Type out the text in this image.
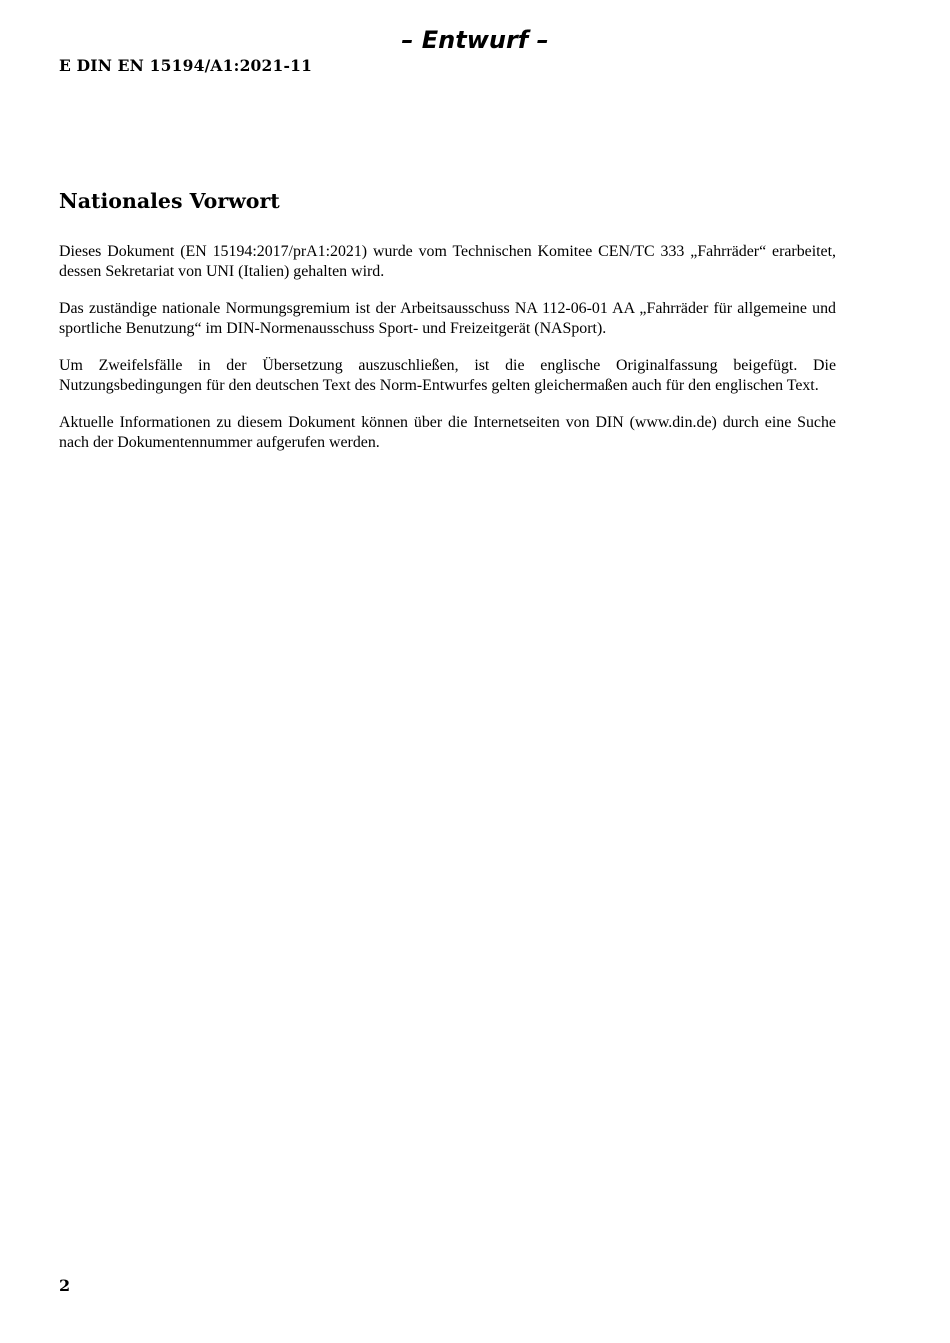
– Entwurf –
E DIN EN 15194/A1:2021-11
Nationales Vorwort

Dieses Dokument (EN 15194:2017/prA1:2021) wurde vom Technischen Komitee CEN/TC 333 „Fahrräder“ erarbeitet, dessen Sekretariat von UNI (Italien) gehalten wird.

Das zuständige nationale Normungsgremium ist der Arbeitsausschuss NA 112-06-01 AA „Fahrräder für allgemeine und sportliche Benutzung“ im DIN-Normenausschuss Sport- und Freizeitgerät (NASport).

Um Zweifelsfälle in der Übersetzung auszuschließen, ist die englische Originalfassung beigefügt. Die Nutzungsbedingungen für den deutschen Text des Norm-Entwurfes gelten gleichermaßen auch für den englischen Text.

Aktuelle Informationen zu diesem Dokument können über die Internetseiten von DIN (www.din.de) durch eine Suche nach der Dokumentennummer aufgerufen werden.

2
